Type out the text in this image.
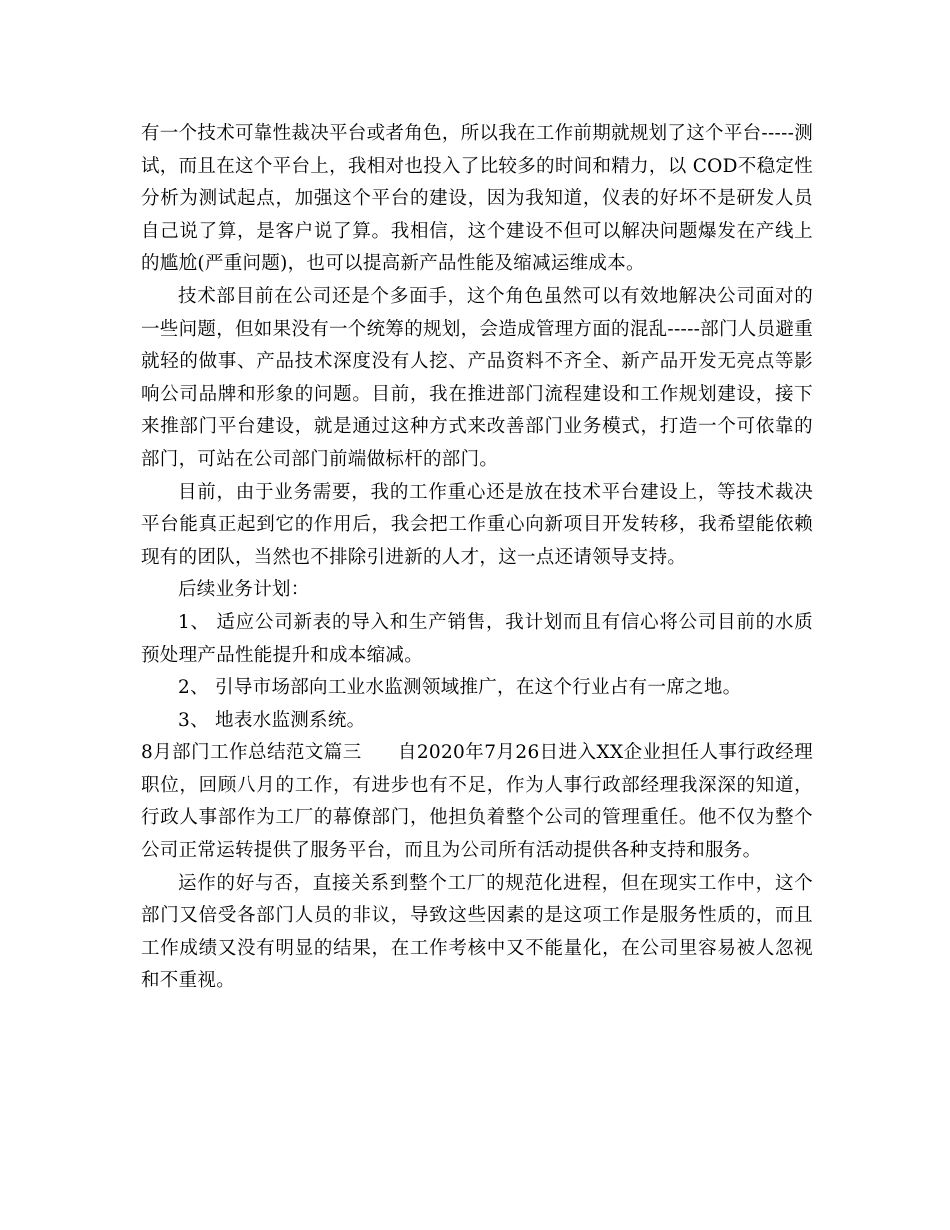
有一个技术可靠性裁决平台或者角色，所以我在工作前期就规划了这个平台-----测试，而且在这个平台上，我相对也投入了比较多的时间和精力，以 COD不稳定性分析为测试起点，加强这个平台的建设，因为我知道，仪表的好坏不是研发人员自己说了算，是客户说了算。我相信，这个建设不但可以解决问题爆发在产线上的尴尬(严重问题)，也可以提高新产品性能及缩减运维成本。

技术部目前在公司还是个多面手，这个角色虽然可以有效地解决公司面对的一些问题，但如果没有一个统筹的规划，会造成管理方面的混乱-----部门人员避重就轻的做事、产品技术深度没有人挖、产品资料不齐全、新产品开发无亮点等影响公司品牌和形象的问题。目前，我在推进部门流程建设和工作规划建设，接下来推部门平台建设，就是通过这种方式来改善部门业务模式，打造一个可依靠的部门，可站在公司部门前端做标杆的部门。

目前，由于业务需要，我的工作重心还是放在技术平台建设上，等技术裁决平台能真正起到它的作用后，我会把工作重心向新项目开发转移，我希望能依赖现有的团队，当然也不排除引进新的人才，这一点还请领导支持。

后续业务计划：

1、 适应公司新表的导入和生产销售，我计划而且有信心将公司目前的水质预处理产品性能提升和成本缩减。

2、 引导市场部向工业水监测领域推广，在这个行业占有一席之地。

3、 地表水监测系统。

8月部门工作总结范文篇三 自2020年7月26日进入XX企业担任人事行政经理职位，回顾八月的工作，有进步也有不足，作为人事行政部经理我深深的知道，行政人事部作为工厂的幕僚部门，他担负着整个公司的管理重任。他不仅为整个公司正常运转提供了服务平台，而且为公司所有活动提供各种支持和服务。

运作的好与否，直接关系到整个工厂的规范化进程，但在现实工作中，这个部门又倍受各部门人员的非议，导致这些因素的是这项工作是服务性质的，而且工作成绩又没有明显的结果，在工作考核中又不能量化，在公司里容易被人忽视和不重视。
